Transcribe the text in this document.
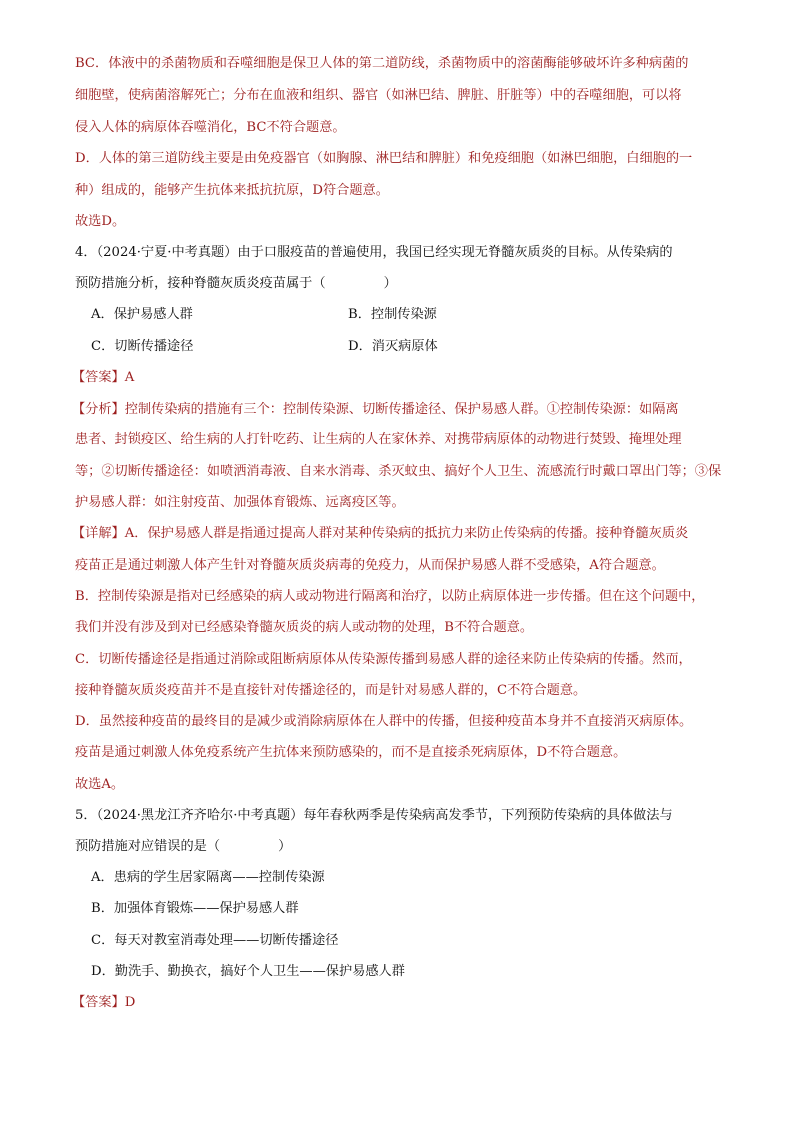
BC．体液中的杀菌物质和吞噬细胞是保卫人体的第二道防线，杀菌物质中的溶菌酶能够破坏许多种病菌的
细胞壁，使病菌溶解死亡；分布在血液和组织、器官（如淋巴结、脾脏、肝脏等）中的吞噬细胞，可以将
侵入人体的病原体吞噬消化，BC不符合题意。
D．人体的第三道防线主要是由免疫器官（如胸腺、淋巴结和脾脏）和免疫细胞（如淋巴细胞，白细胞的一
种）组成的，能够产生抗体来抵抗抗原，D符合题意。
故选D。
4．（2024·宁夏·中考真题）由于口服疫苗的普遍使用，我国已经实现无脊髓灰质炎的目标。从传染病的
预防措施分析，接种脊髓灰质炎疫苗属于（	）
A．保护易感人群	B．控制传染源
C．切断传播途径	D．消灭病原体
【答案】A
【分析】控制传染病的措施有三个：控制传染源、切断传播途径、保护易感人群。①控制传染源：如隔离
患者、封锁疫区、给生病的人打针吃药、让生病的人在家休养、对携带病原体的动物进行焚毁、掩埋处理
等；②切断传播途径：如喷洒消毒液、自来水消毒、杀灭蚊虫、搞好个人卫生、流感流行时戴口罩出门等；③保
护易感人群：如注射疫苗、加强体育锻炼、远离疫区等。
【详解】A．保护易感人群是指通过提高人群对某种传染病的抵抗力来防止传染病的传播。接种脊髓灰质炎
疫苗正是通过刺激人体产生针对脊髓灰质炎病毒的免疫力，从而保护易感人群不受感染，A符合题意。
B．控制传染源是指对已经感染的病人或动物进行隔离和治疗，以防止病原体进一步传播。但在这个问题中，
我们并没有涉及到对已经感染脊髓灰质炎的病人或动物的处理，B不符合题意。
C．切断传播途径是指通过消除或阻断病原体从传染源传播到易感人群的途径来防止传染病的传播。然而，
接种脊髓灰质炎疫苗并不是直接针对传播途径的，而是针对易感人群的，C不符合题意。
D．虽然接种疫苗的最终目的是减少或消除病原体在人群中的传播，但接种疫苗本身并不直接消灭病原体。
疫苗是通过刺激人体免疫系统产生抗体来预防感染的，而不是直接杀死病原体，D不符合题意。
故选A。
5．（2024·黑龙江齐齐哈尔·中考真题）每年春秋两季是传染病高发季节，下列预防传染病的具体做法与
预防措施对应错误的是（	）
A．患病的学生居家隔离——控制传染源
B．加强体育锻炼——保护易感人群
C．每天对教室消毒处理——切断传播途径
D．勤洗手、勤换衣，搞好个人卫生——保护易感人群
【答案】D
